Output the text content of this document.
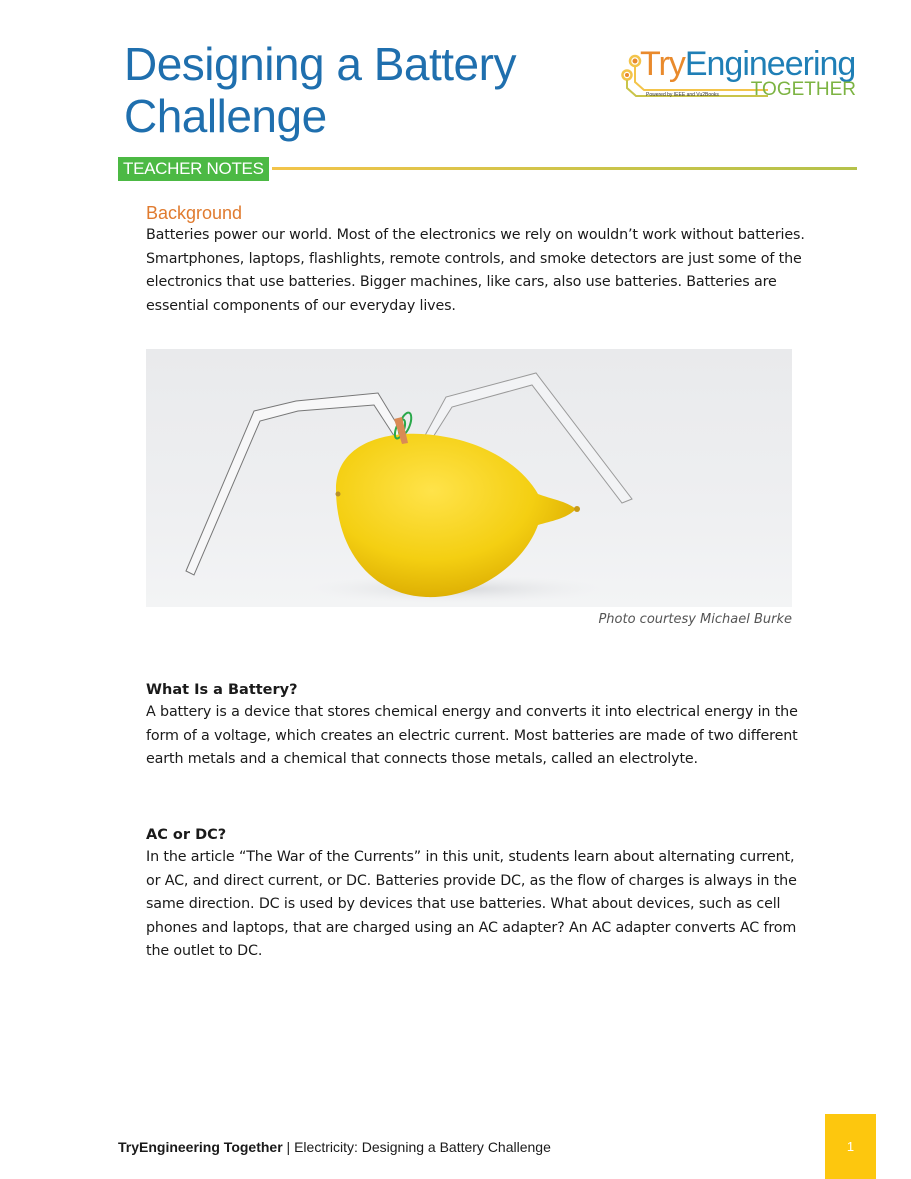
Designing a Battery
Challenge
TryEngineering
TOGETHER
Powered by IEEE and Vu2Books
TEACHER NOTES
Background

Batteries power our world. Most of the electronics we rely on wouldn’t work without batteries. Smartphones, laptops, flashlights, remote controls, and smoke detectors are just some of the electronics that use batteries. Bigger machines, like cars, also use batteries. Batteries are essential components of our everyday lives.

Photo courtesy Michael Burke
What Is a Battery?

A battery is a device that stores chemical energy and converts it into electrical energy in the form of a voltage, which creates an electric current. Most batteries are made of two different earth metals and a chemical that connects those metals, called an electrolyte.

AC or DC?

In the article “The War of the Currents” in this unit, students learn about alternating current, or AC, and direct current, or DC. Batteries provide DC, as the flow of charges is always in the same direction. DC is used by devices that use batteries. What about devices, such as cell phones and laptops, that are charged using an AC adapter? An AC adapter converts AC from the outlet to DC.

TryEngineering Together | Electricity: Designing a Battery Challenge	1
